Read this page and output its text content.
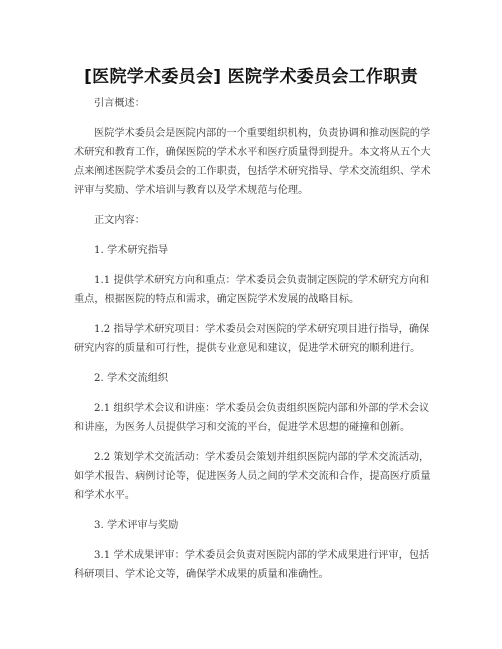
[医院学术委员会] 医院学术委员会工作职责

引言概述：

医院学术委员会是医院内部的一个重要组织机构，负责协调和推动医院的学术研究和教育工作，确保医院的学术水平和医疗质量得到提升。本文将从五个大点来阐述医院学术委员会的工作职责，包括学术研究指导、学术交流组织、学术评审与奖励、学术培训与教育以及学术规范与伦理。

正文内容：

1. 学术研究指导

1.1 提供学术研究方向和重点：学术委员会负责制定医院的学术研究方向和重点，根据医院的特点和需求，确定医院学术发展的战略目标。

1.2 指导学术研究项目：学术委员会对医院的学术研究项目进行指导，确保研究内容的质量和可行性，提供专业意见和建议，促进学术研究的顺利进行。

2. 学术交流组织

2.1 组织学术会议和讲座：学术委员会负责组织医院内部和外部的学术会议和讲座，为医务人员提供学习和交流的平台，促进学术思想的碰撞和创新。

2.2 策划学术交流活动：学术委员会策划并组织医院内部的学术交流活动，如学术报告、病例讨论等，促进医务人员之间的学术交流和合作，提高医疗质量和学术水平。

3. 学术评审与奖励

3.1 学术成果评审：学术委员会负责对医院内部的学术成果进行评审，包括科研项目、学术论文等，确保学术成果的质量和准确性。
